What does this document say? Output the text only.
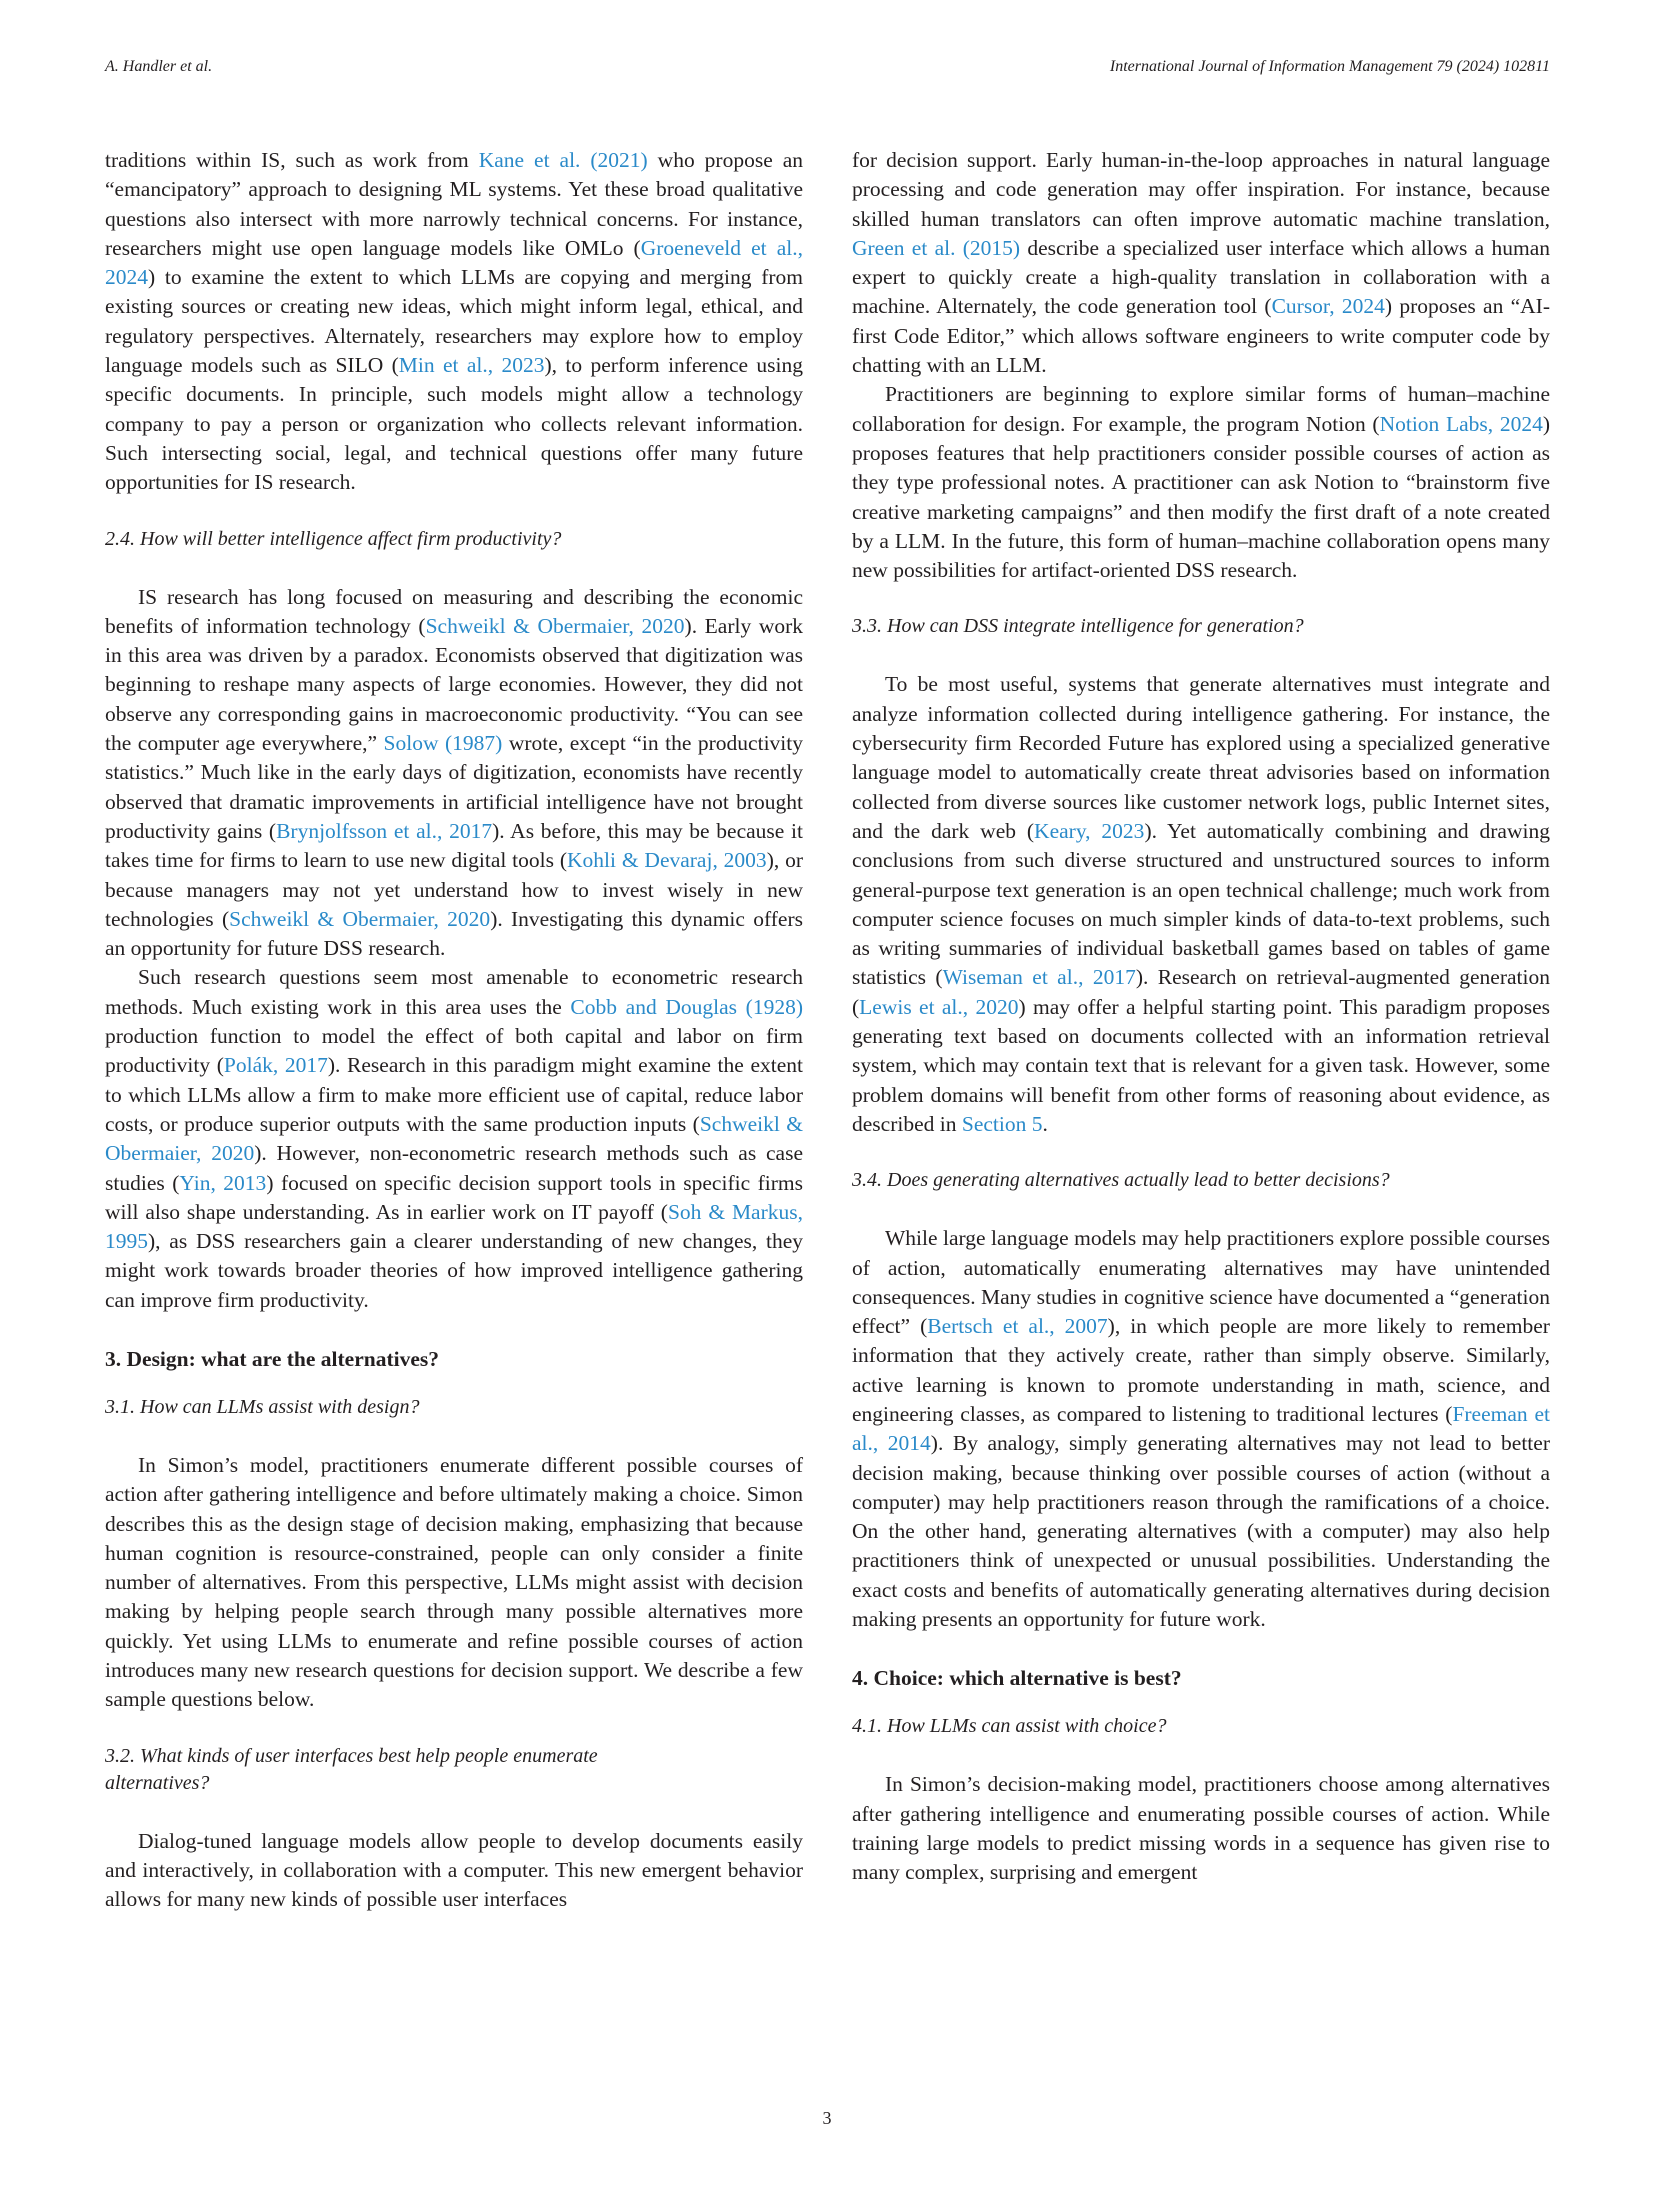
A. Handler et al.	International Journal of Information Management 79 (2024) 102811

traditions within IS, such as work from Kane et al. (2021) who propose an “emancipatory” approach to designing ML systems. Yet these broad qualitative questions also intersect with more narrowly technical concerns. For instance, researchers might use open language models like OMLo (Groeneveld et al., 2024) to examine the extent to which LLMs are copying and merging from existing sources or creating new ideas, which might inform legal, ethical, and regulatory perspectives. Alternately, researchers may explore how to employ language models such as SILO (Min et al., 2023), to perform inference using specific documents. In principle, such models might allow a technology company to pay a person or organization who collects relevant information. Such intersecting social, legal, and technical questions offer many future opportunities for IS research.

2.4. How will better intelligence affect firm productivity?

IS research has long focused on measuring and describing the economic benefits of information technology (Schweikl & Obermaier, 2020). Early work in this area was driven by a paradox. Economists observed that digitization was beginning to reshape many aspects of large economies. However, they did not observe any corresponding gains in macroeconomic productivity. “You can see the computer age everywhere,” Solow (1987) wrote, except “in the productivity statistics.” Much like in the early days of digitization, economists have recently observed that dramatic improvements in artificial intelligence have not brought productivity gains (Brynjolfsson et al., 2017). As before, this may be because it takes time for firms to learn to use new digital tools (Kohli & Devaraj, 2003), or because managers may not yet understand how to invest wisely in new technologies (Schweikl & Obermaier, 2020). Investigating this dynamic offers an opportunity for future DSS research.

Such research questions seem most amenable to econometric research methods. Much existing work in this area uses the Cobb and Douglas (1928) production function to model the effect of both capital and labor on firm productivity (Polák, 2017). Research in this paradigm might examine the extent to which LLMs allow a firm to make more efficient use of capital, reduce labor costs, or produce superior outputs with the same production inputs (Schweikl & Obermaier, 2020). However, non-econometric research methods such as case studies (Yin, 2013) focused on specific decision support tools in specific firms will also shape understanding. As in earlier work on IT payoff (Soh & Markus, 1995), as DSS researchers gain a clearer understanding of new changes, they might work towards broader theories of how improved intelligence gathering can improve firm productivity.

3. Design: what are the alternatives?
3.1. How can LLMs assist with design?

In Simon’s model, practitioners enumerate different possible courses of action after gathering intelligence and before ultimately making a choice. Simon describes this as the design stage of decision making, emphasizing that because human cognition is resource-constrained, people can only consider a finite number of alternatives. From this perspective, LLMs might assist with decision making by helping people search through many possible alternatives more quickly. Yet using LLMs to enumerate and refine possible courses of action introduces many new research questions for decision support. We describe a few sample questions below.

3.2. What kinds of user interfaces best help people enumerate
alternatives?

Dialog-tuned language models allow people to develop documents easily and interactively, in collaboration with a computer. This new emergent behavior allows for many new kinds of possible user interfaces

for decision support. Early human-in-the-loop approaches in natural language processing and code generation may offer inspiration. For instance, because skilled human translators can often improve automatic machine translation, Green et al. (2015) describe a specialized user interface which allows a human expert to quickly create a high-quality translation in collaboration with a machine. Alternately, the code generation tool (Cursor, 2024) proposes an “AI-first Code Editor,” which allows software engineers to write computer code by chatting with an LLM.

Practitioners are beginning to explore similar forms of human–machine collaboration for design. For example, the program Notion (Notion Labs, 2024) proposes features that help practitioners consider possible courses of action as they type professional notes. A practitioner can ask Notion to “brainstorm five creative marketing campaigns” and then modify the first draft of a note created by a LLM. In the future, this form of human–machine collaboration opens many new possibilities for artifact-oriented DSS research.

3.3. How can DSS integrate intelligence for generation?

To be most useful, systems that generate alternatives must integrate and analyze information collected during intelligence gathering. For instance, the cybersecurity firm Recorded Future has explored using a specialized generative language model to automatically create threat advisories based on information collected from diverse sources like customer network logs, public Internet sites, and the dark web (Keary, 2023). Yet automatically combining and drawing conclusions from such diverse structured and unstructured sources to inform general-purpose text generation is an open technical challenge; much work from computer science focuses on much simpler kinds of data-to-text problems, such as writing summaries of individual basketball games based on tables of game statistics (Wiseman et al., 2017). Research on retrieval-augmented generation (Lewis et al., 2020) may offer a helpful starting point. This paradigm proposes generating text based on documents collected with an information retrieval system, which may contain text that is relevant for a given task. However, some problem domains will benefit from other forms of reasoning about evidence, as described in Section 5.

3.4. Does generating alternatives actually lead to better decisions?

While large language models may help practitioners explore possible courses of action, automatically enumerating alternatives may have unintended consequences. Many studies in cognitive science have documented a “generation effect” (Bertsch et al., 2007), in which people are more likely to remember information that they actively create, rather than simply observe. Similarly, active learning is known to promote understanding in math, science, and engineering classes, as compared to listening to traditional lectures (Freeman et al., 2014). By analogy, simply generating alternatives may not lead to better decision making, because thinking over possible courses of action (without a computer) may help practitioners reason through the ramifications of a choice. On the other hand, generating alternatives (with a computer) may also help practitioners think of unexpected or unusual possibilities. Understanding the exact costs and benefits of automatically generating alternatives during decision making presents an opportunity for future work.

4. Choice: which alternative is best?
4.1. How LLMs can assist with choice?

In Simon’s decision-making model, practitioners choose among alternatives after gathering intelligence and enumerating possible courses of action. While training large models to predict missing words in a sequence has given rise to many complex, surprising and emergent

3
